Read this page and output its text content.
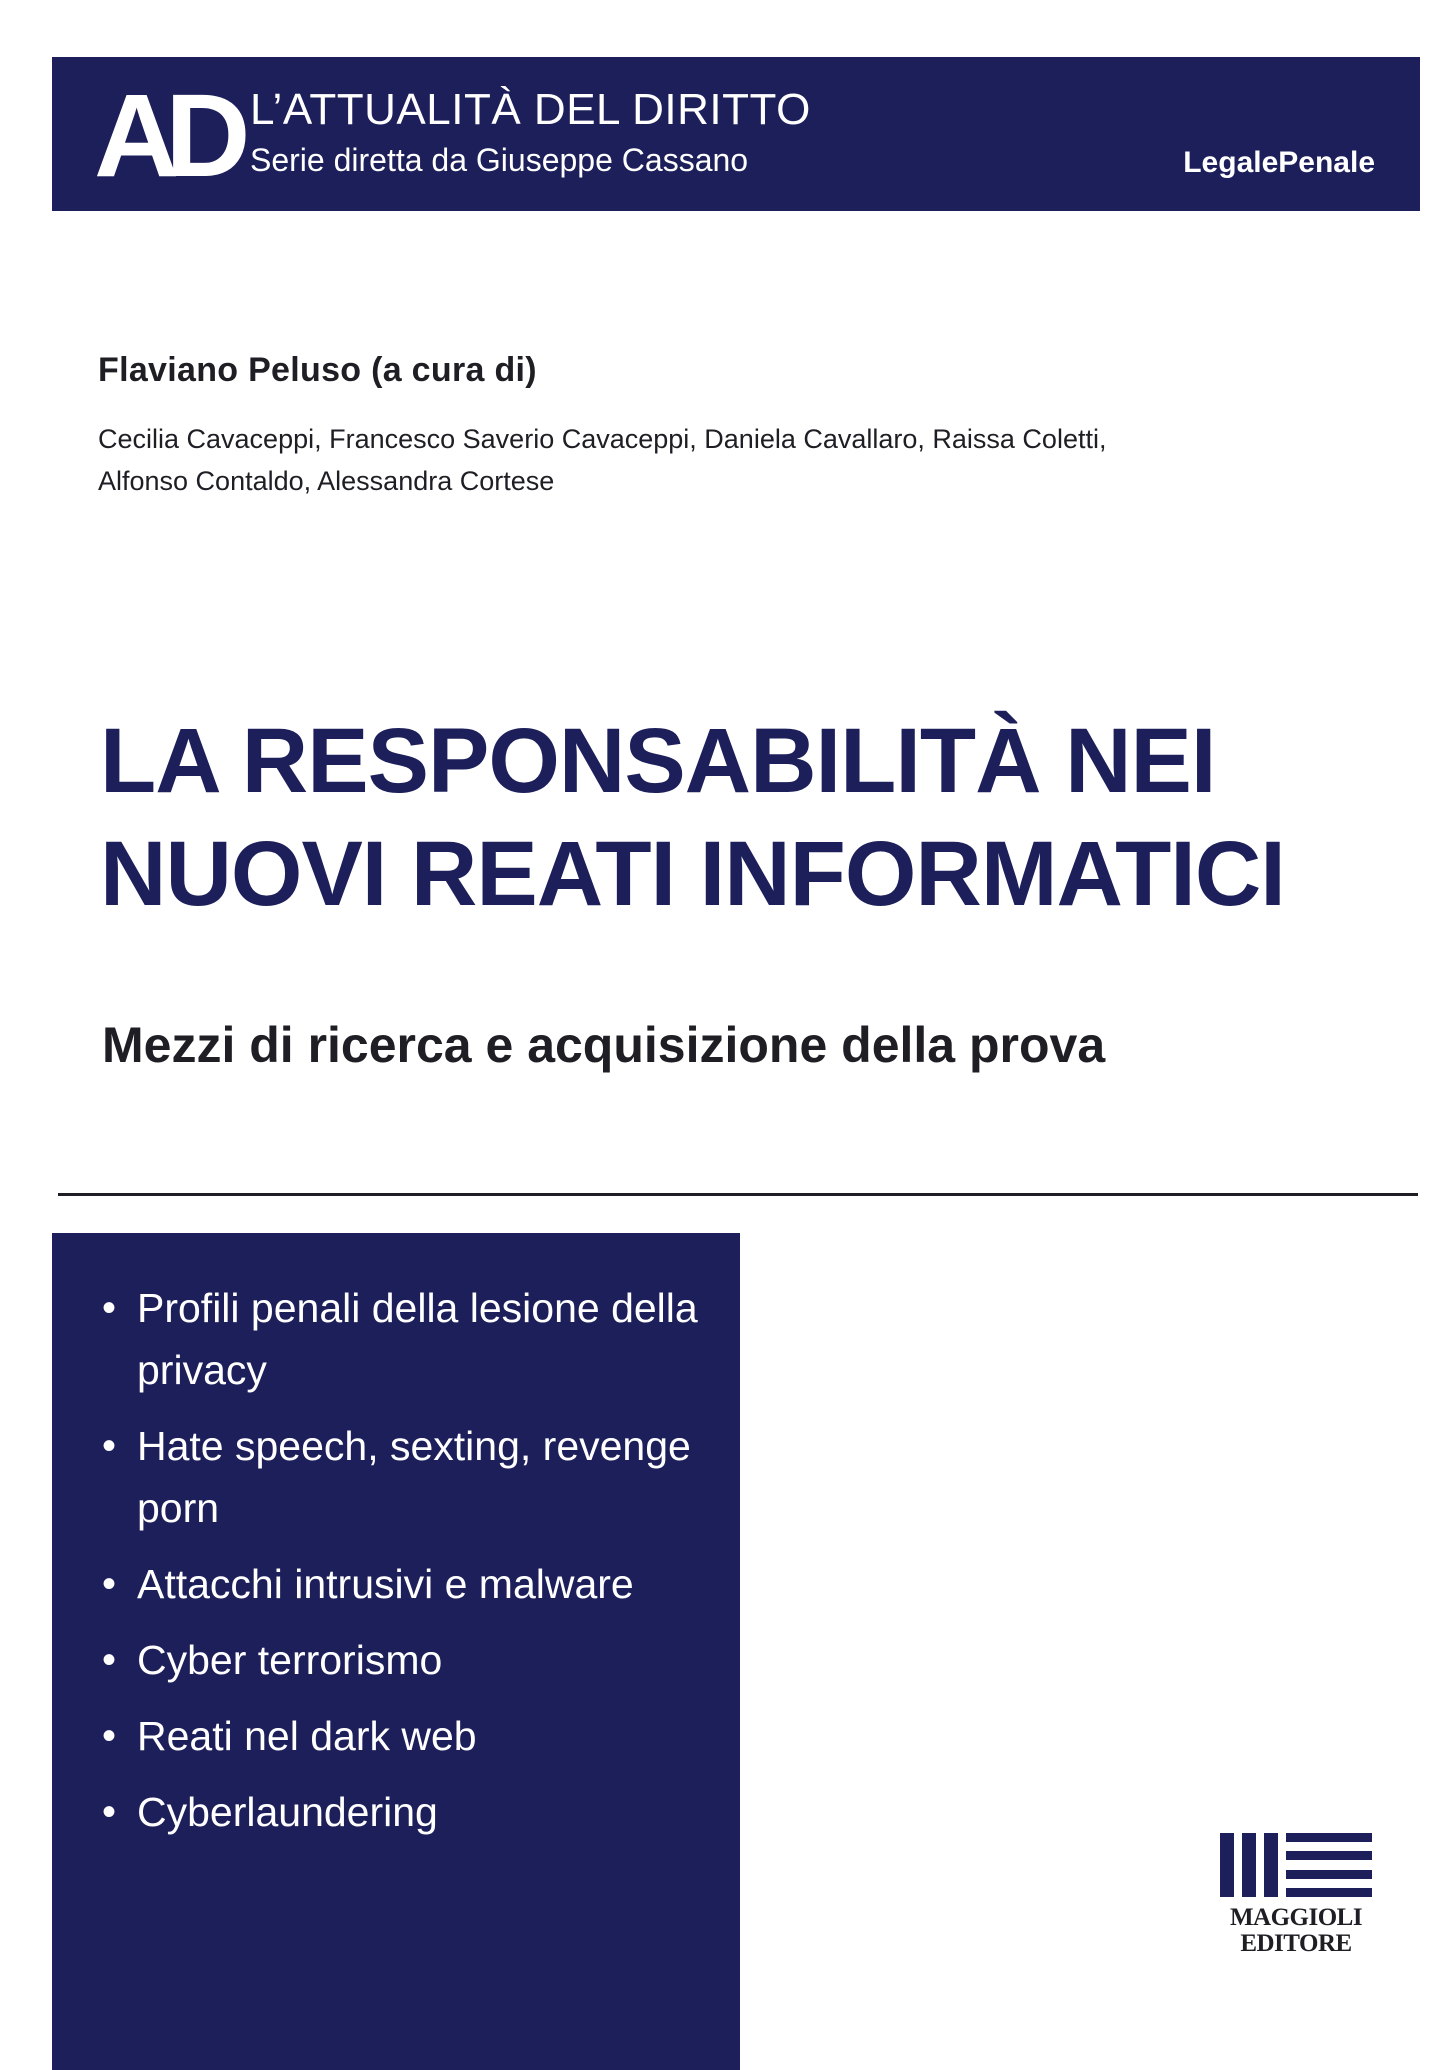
AD L’ATTUALITÀ DEL DIRITTO
Serie diretta da Giuseppe Cassano	LegalePenale
Flaviano Peluso (a cura di)
Cecilia Cavaceppi, Francesco Saverio Cavaceppi, Daniela Cavallaro, Raissa Coletti,
Alfonso Contaldo, Alessandra Cortese
LA RESPONSABILITÀ NEI
NUOVI REATI INFORMATICI
Mezzi di ricerca e acquisizione della prova
• Profili penali della lesione della privacy
• Hate speech, sexting, revenge porn
• Attacchi intrusivi e malware
• Cyber terrorismo
• Reati nel dark web
• Cyberlaundering
MAGGIOLI
EDITORE
